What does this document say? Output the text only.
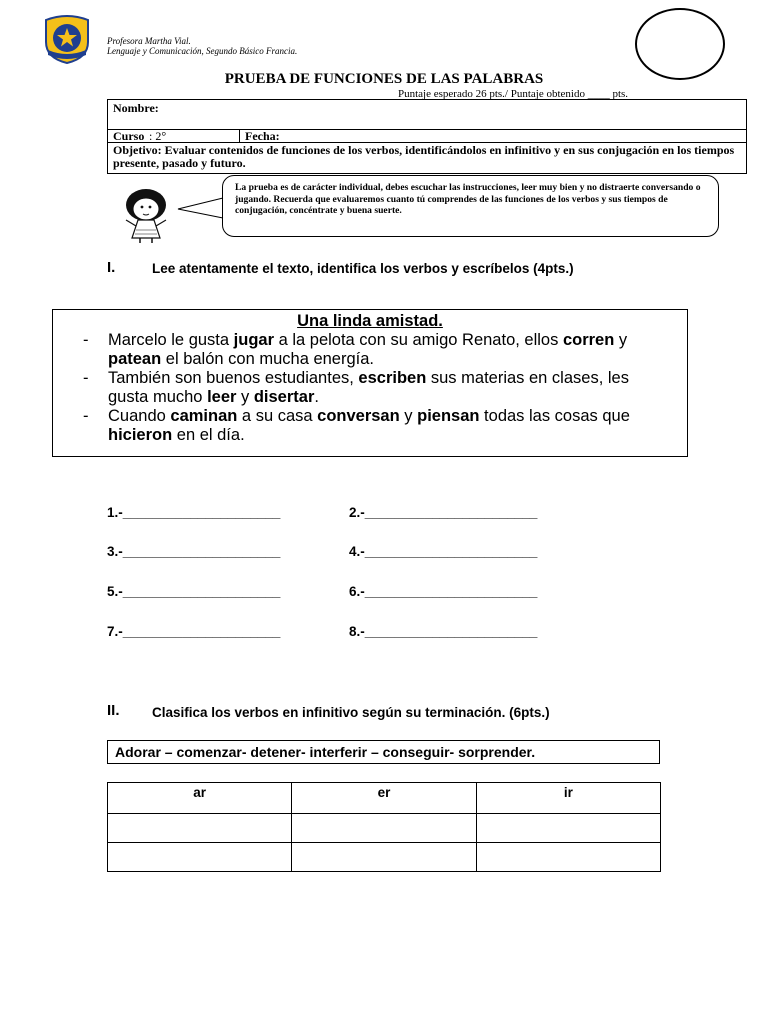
Profesora Martha Vial.
Lenguaje y Comunicación, Segundo Básico Francia.
PRUEBA DE FUNCIONES DE LAS PALABRAS
Puntaje esperado 26 pts./ Puntaje obtenido ____ pts.
Nombre:
Curso : 2°	Fecha:
Objetivo: Evaluar contenidos de funciones de los verbos, identificándolos en infinitivo y en sus conjugación en los tiempos presente, pasado y futuro.
La prueba es de carácter individual, debes escuchar las instrucciones, leer muy bien y no distraerte conversando o jugando. Recuerda que evaluaremos cuanto tú comprendes de las funciones de los verbos y sus tiempos de conjugación, concéntrate y buena suerte.
I.	Lee atentamente el texto, identifica los verbos y escríbelos (4pts.)
Una linda amistad.
- Marcelo le gusta jugar a la pelota con su amigo Renato, ellos corren y patean el balón con mucha energía.
- También son buenos estudiantes, escriben sus materias en clases, les gusta mucho leer y disertar.
- Cuando caminan a su casa conversan y piensan todas las cosas que hicieron en el día.
1.-_____________________	2.-_______________________
3.-_____________________	4.-_______________________
5.-_____________________	6.-_______________________
7.-_____________________	8.-_______________________
II. Clasifica los verbos en infinitivo según su terminación. (6pts.)
Adorar – comenzar- detener- interferir – conseguir- sorprender.
ar	er	ir
